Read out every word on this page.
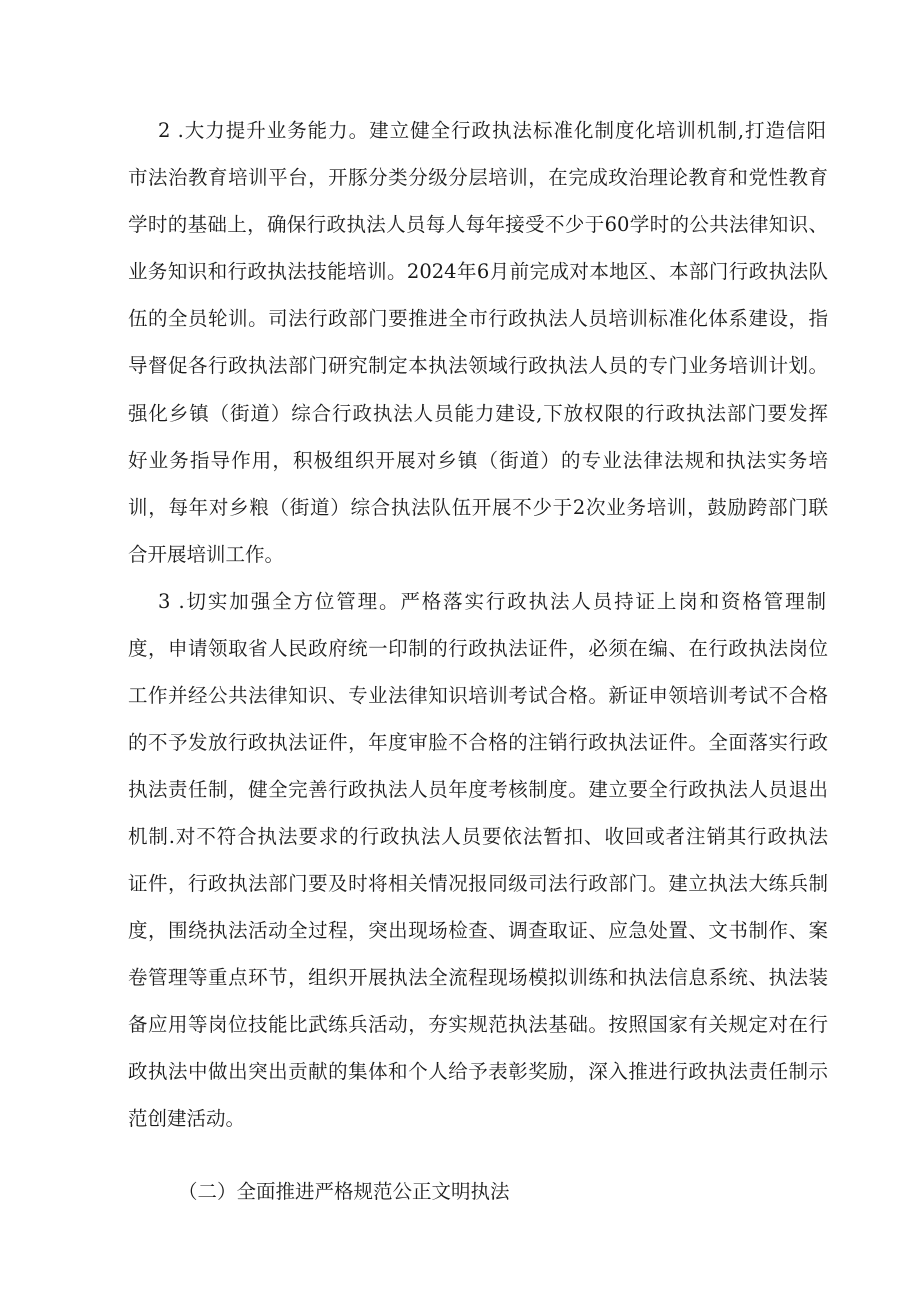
2 .大力提升业务能力。建立健全行政执法标准化制度化培训机制,打造信阳
市法治教育培训平台，开豚分类分级分层培训，在完成玫治理论教育和党性教育
学时的基础上，确保行政执法人员每人每年接受不少于60学时的公共法律知识、
业务知识和行政执法技能培训。2024年6月前完成对本地区、本部门行政执法队
伍的全员轮训。司法行政部门要推进全市行政执法人员培训标准化体系建设，指
导督促各行政执法部门研究制定本执法领域行政执法人员的专门业务培训计划。
强化乡镇（街道）综合行政执法人员能力建设,下放权限的行政执法部门要发挥
好业务指导作用，积极组织开展对乡镇（街道）的专业法律法规和执法实务培
训，每年对乡粮（街道）综合执法队伍开展不少于2次业务培训，鼓励跨部门联
合开展培训工作。
3 .切实加强全方位管理。严格落实行政执法人员持证上岗和资格管理制
度，申请领取省人民政府统一印制的行政执法证件，必须在编、在行政执法岗位
工作并经公共法律知识、专业法律知识培训考试合格。新证申领培训考试不合格
的不予发放行政执法证件，年度审脸不合格的注销行政执法证件。全面落实行政
执法责任制，健全完善行政执法人员年度考核制度。建立要全行政执法人员退出
机制.对不符合执法要求的行政执法人员要依法暂扣、收回或者注销其行政执法
证件，行政执法部门要及时将相关情况报同级司法行政部门。建立执法大练兵制
度，围绕执法活动全过程，突出现场检查、调查取证、应急处置、文书制作、案
卷管理等重点环节，组织开展执法全流程现场模拟训练和执法信息系统、执法装
备应用等岗位技能比武练兵活动，夯实规范执法基础。按照国家有关规定对在行
政执法中做出突出贡献的集体和个人给予表彰奖励，深入推进行政执法责任制示
范创建活动。
（二）全面推进严格规范公正文明执法
